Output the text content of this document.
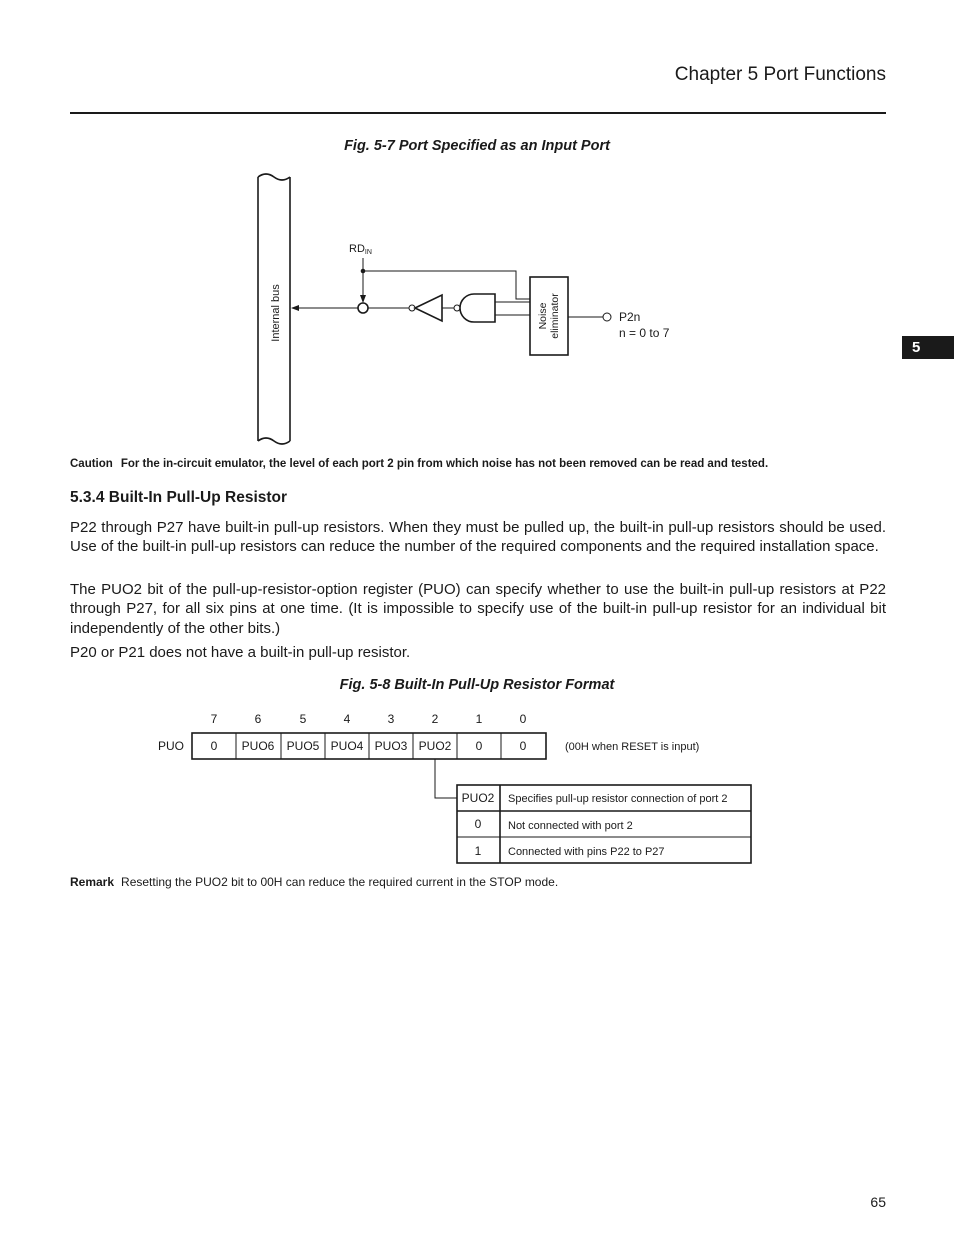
Chapter 5 Port Functions
5
Fig. 5-7 Port Specified as an Input Port
Internal bus
RDIN
Noise eliminator	P2n
n = 0 to 7
Caution For the in-circuit emulator, the level of each port 2 pin from which noise has not been removed can be read and tested.
5.3.4 Built-In Pull-Up Resistor
P22 through P27 have built-in pull-up resistors. When they must be pulled up, the built-in pull-up resistors should be used. Use of the built-in pull-up resistors can reduce the number of the required components and the required installation space.
The PUO2 bit of the pull-up-resistor-option register (PUO) can specify whether to use the built-in pull-up resistors at P22 through P27, for all six pins at one time. (It is impossible to specify use of the built-in pull-up resistor for an individual bit independently of the other bits.)
P20 or P21 does not have a built-in pull-up resistor.
Fig. 5-8 Built-In Pull-Up Resistor Format
7	6	5	4	3	2	1	0
PUO 0 PUO6 PUO5 PUO4 PUO3 PUO2 0	0	(00H when RESET is input)
PUO2 Specifies pull-up resistor connection of port 2
0 Not connected with port 2
1 Connected with pins P22 to P27
Remark Resetting the PUO2 bit to 00H can reduce the required current in the STOP mode.
65
